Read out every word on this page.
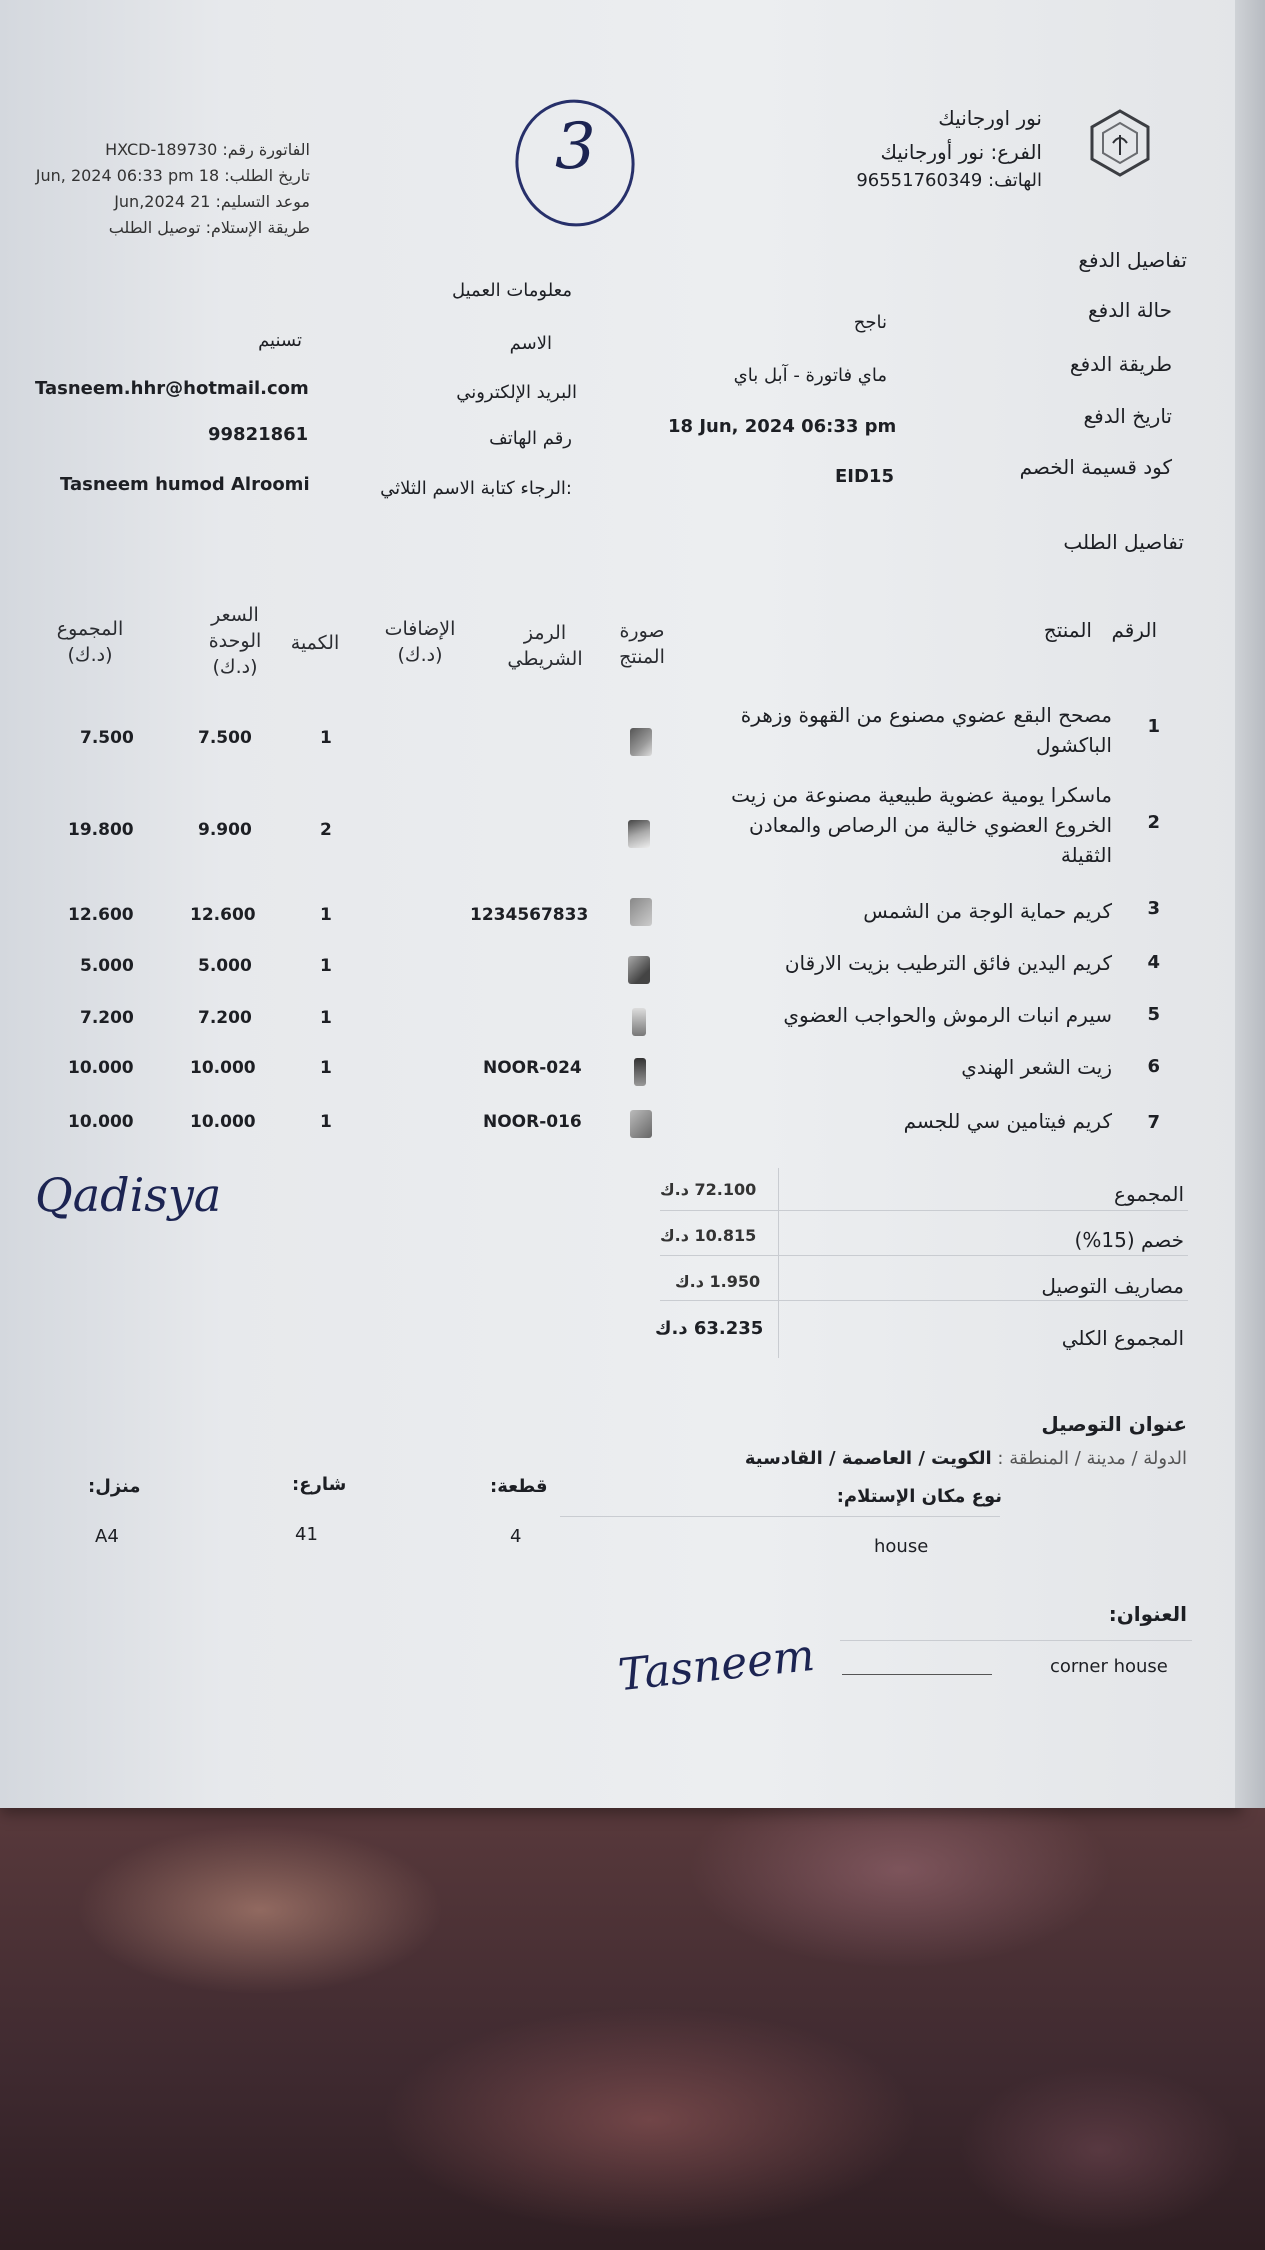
نور اورجانيك
الفرع: نور أورجانيك
الهاتف: 96551760349
الفاتورة رقم: HXCD-189730
تاريخ الطلب: 18 Jun, 2024 06:33 pm
موعد التسليم: 21 Jun,2024
طريقة الإستلام: توصيل الطلب
3
تفاصيل الدفع
حالة الدفع
ناجح
طريقة الدفع
ماي فاتورة - آبل باي
تاريخ الدفع
18 Jun, 2024 06:33 pm
كود قسيمة الخصم
EID15
معلومات العميل
الاسم
تسنيم
البريد الإلكتروني
Tasneem.hhr@hotmail.com
رقم الهاتف
99821861
:الرجاء كتابة الاسم الثلاثي
Tasneem humod Alroomi
تفاصيل الطلب
الرقم
المنتج
صورة
المنتج
الرمز
الشريطي
الإضافات
(د.ك)
الكمية
السعر
الوحدة
(د.ك)
المجموع
(د.ك)
1
مصحح البقع عضوي مصنوع من القهوة وزهرة الباكشول
1
7.500
7.500
2
ماسكرا يومية عضوية طبيعية مصنوعة من زيت الخروع العضوي خالية من الرصاص والمعادن الثقيلة
2
9.900
19.800
3
كريم حماية الوجة من الشمس
1234567833
1
12.600
12.600
4
كريم اليدين فائق الترطيب بزيت الارقان
1
5.000
5.000
5
سيرم انبات الرموش والحواجب العضوي
1
7.200
7.200
6
زيت الشعر الهندي
NOOR-024
1
10.000
10.000
7
كريم فيتامين سي للجسم
NOOR-016
1
10.000
10.000
Qadisya	المجموع
72.100 د.ك
خصم (15%)
10.815 د.ك
مصاريف التوصيل
1.950 د.ك
المجموع الكلي
63.235 د.ك
عنوان التوصيل
الدولة / مدينة / المنطقة : الكويت / العاصمة / القادسية
قطعة:
4
شارع:
41
منزل:
A4
نوع مكان الإستلام:
house
العنوان:
corner house
Tasneem
